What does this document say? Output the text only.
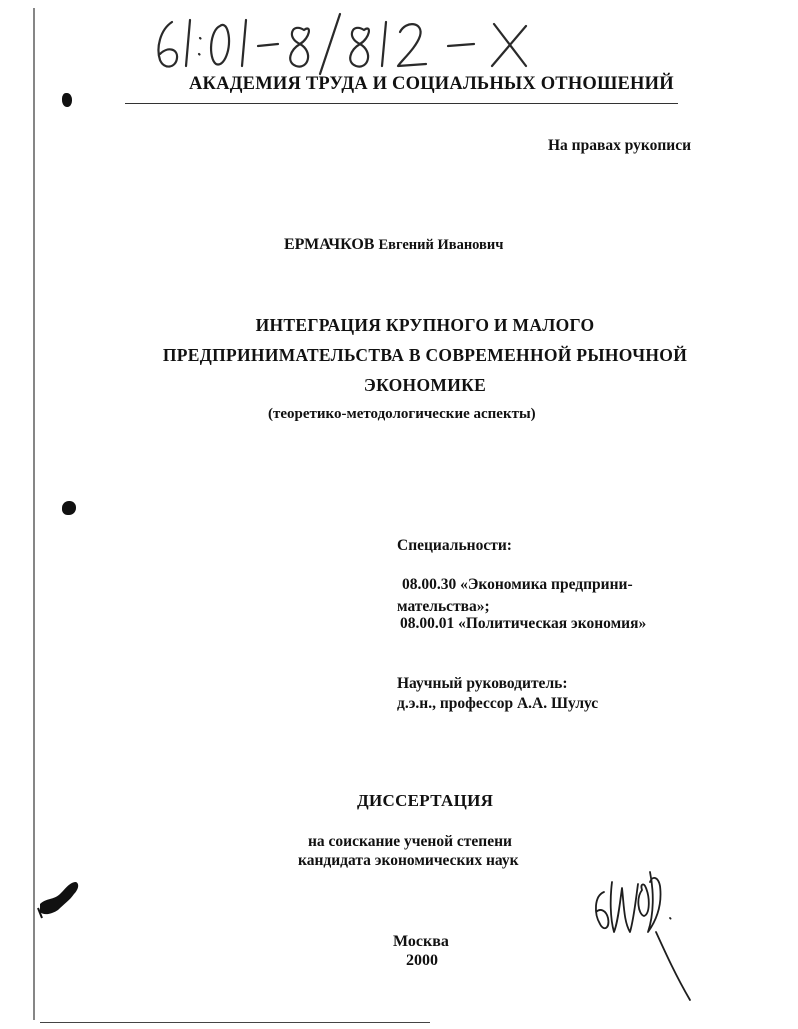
АКАДЕМИЯ ТРУДА И СОЦИАЛЬНЫХ ОТНОШЕНИЙ
На правах рукописи
ЕРМАЧКОВ Евгений Иванович
ИНТЕГРАЦИЯ КРУПНОГО И МАЛОГО
ПРЕДПРИНИМАТЕЛЬСТВА В СОВРЕМЕННОЙ РЫНОЧНОЙ
ЭКОНОМИКЕ
(теоретико-методологические аспекты)
Специальности:
08.00.30 «Экономика предприни-
мательства»;
08.00.01 «Политическая экономия»
Научный руководитель:
д.э.н., профессор А.А. Шулус
ДИССЕРТАЦИЯ
на соискание ученой степени
кандидата экономических наук
Москва
2000
